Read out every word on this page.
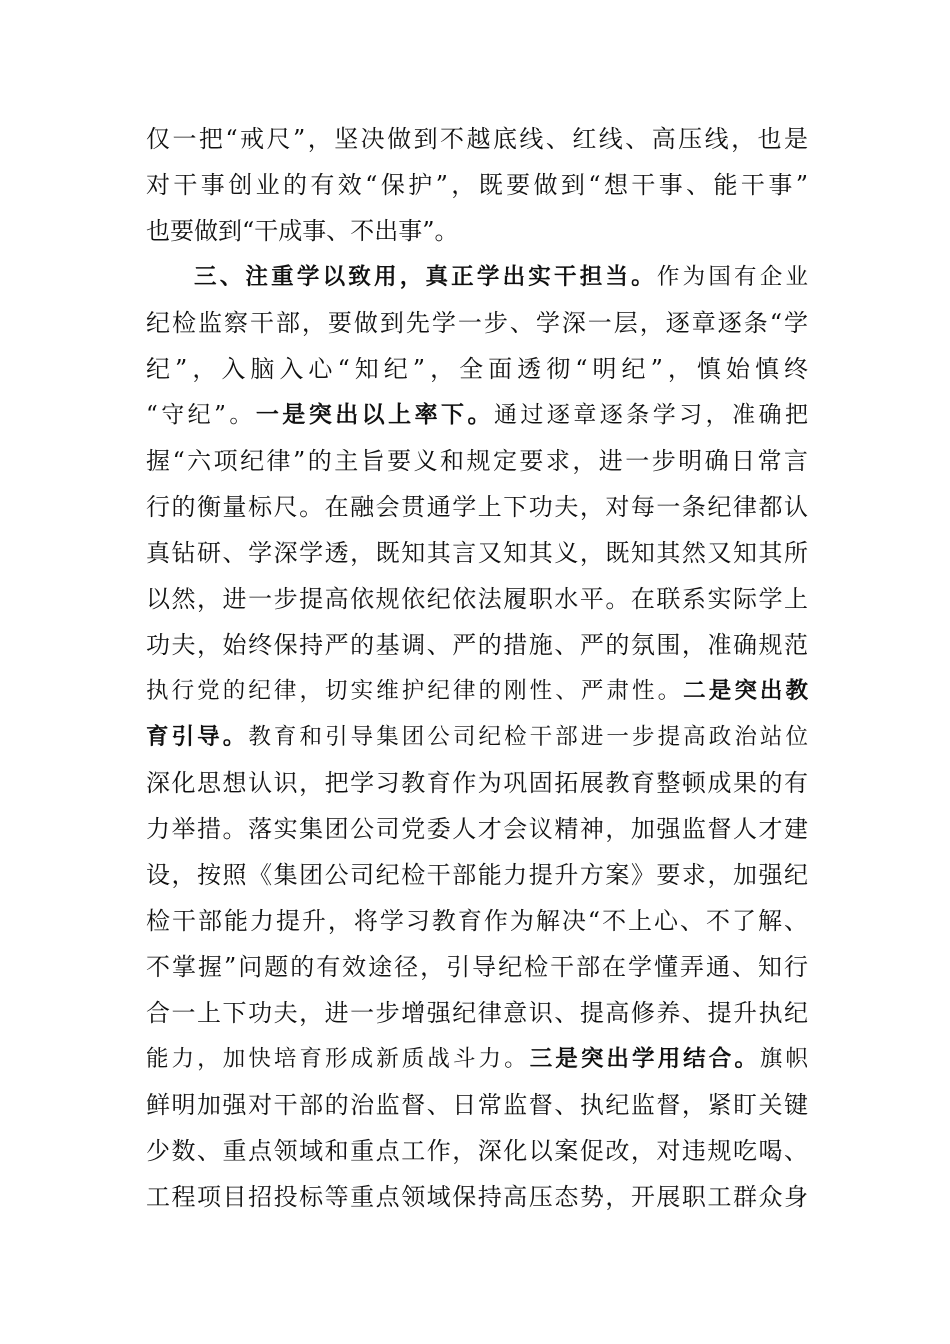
仅一把“戒尺”，坚决做到不越底线、红线、高压线，也是
对干事创业的有效“保护”，既要做到“想干事、能干事”
也要做到“干成事、不出事”。
三、注重学以致用，真正学出实干担当。作为国有企业
纪检监察干部，要做到先学一步、学深一层，逐章逐条“学
纪”，入脑入心“知纪”，全面透彻“明纪”，慎始慎终
“守纪”。一是突出以上率下。通过逐章逐条学习，准确把
握“六项纪律”的主旨要义和规定要求，进一步明确日常言
行的衡量标尺。在融会贯通学上下功夫，对每一条纪律都认
真钻研、学深学透，既知其言又知其义，既知其然又知其所
以然，进一步提高依规依纪依法履职水平。在联系实际学上
功夫，始终保持严的基调、严的措施、严的氛围，准确规范
执行党的纪律，切实维护纪律的刚性、严肃性。二是突出教
育引导。教育和引导集团公司纪检干部进一步提高政治站位
深化思想认识，把学习教育作为巩固拓展教育整顿成果的有
力举措。落实集团公司党委人才会议精神，加强监督人才建
设，按照《集团公司纪检干部能力提升方案》要求，加强纪
检干部能力提升，将学习教育作为解决“不上心、不了解、
不掌握”问题的有效途径，引导纪检干部在学懂弄通、知行
合一上下功夫，进一步增强纪律意识、提高修养、提升执纪
能力，加快培育形成新质战斗力。三是突出学用结合。旗帜
鲜明加强对干部的治监督、日常监督、执纪监督，紧盯关键
少数、重点领域和重点工作，深化以案促改，对违规吃喝、
工程项目招投标等重点领域保持高压态势，开展职工群众身
